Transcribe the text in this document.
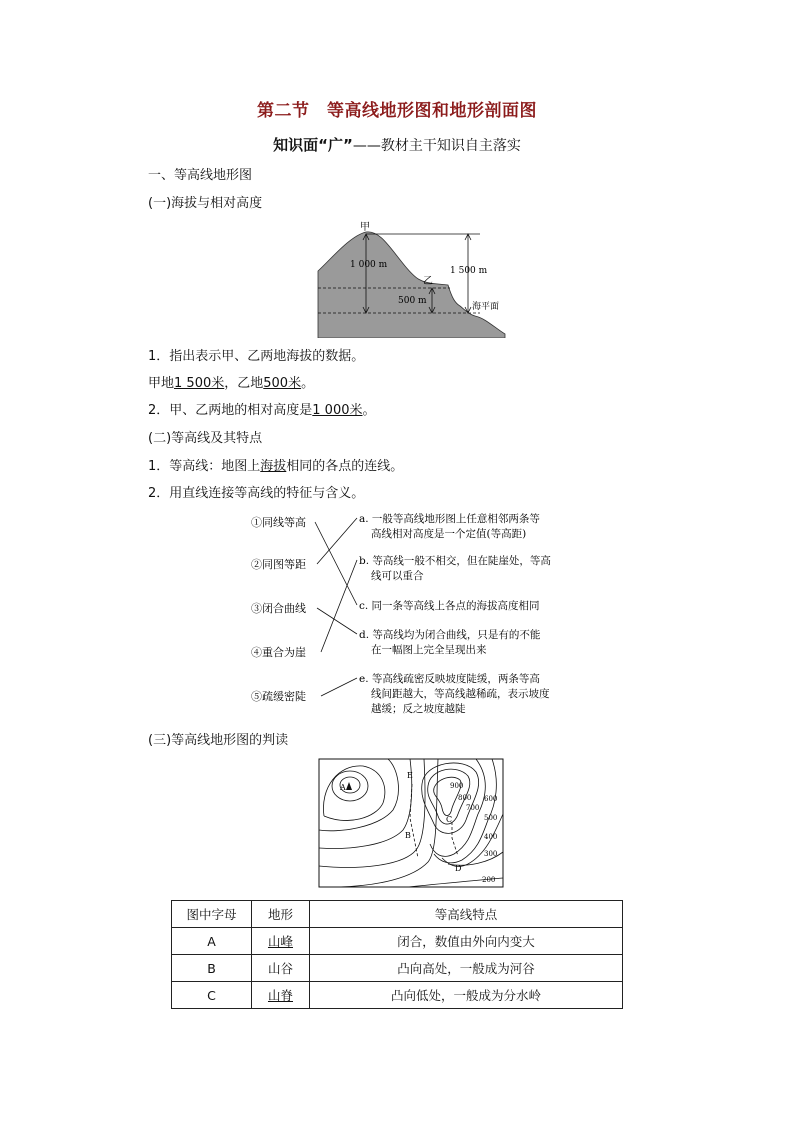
第二节　等高线地形图和地形剖面图
知识面“广”——教材主干知识自主落实
一、等高线地形图
(一)海拔与相对高度
甲
乙
1 000 m
1 500 m
500 m
海平面
1．指出表示甲、乙两地海拔的数据。
甲地1 500米，乙地500米。
2．甲、乙两地的相对高度是1 000米。
(二)等高线及其特点
1．等高线：地图上海拔相同的各点的连线。
2．用直线连接等高线的特征与含义。
①同线等高
②同图等距
③闭合曲线
④重合为崖
⑤疏缓密陡
a. 一般等高线地形图上任意相邻两条等
高线相对高度是一个定值(等高距)
b. 等高线一般不相交，但在陡崖处，等高
线可以重合
c. 同一条等高线上各点的海拔高度相同
d. 等高线均为闭合曲线，只是有的不能
在一幅图上完全呈现出来
e. 等高线疏密反映坡度陡缓，两条等高
线间距越大，等高线越稀疏，表示坡度
越缓；反之坡度越陡
(三)等高线地形图的判读
A
B
C
D
E
900
800
700
600
500
400
300
200
图中字母	地形	等高线特点
A	山峰	闭合，数值由外向内变大
B	山谷	凸向高处，一般成为河谷
C	山脊	凸向低处，一般成为分水岭
